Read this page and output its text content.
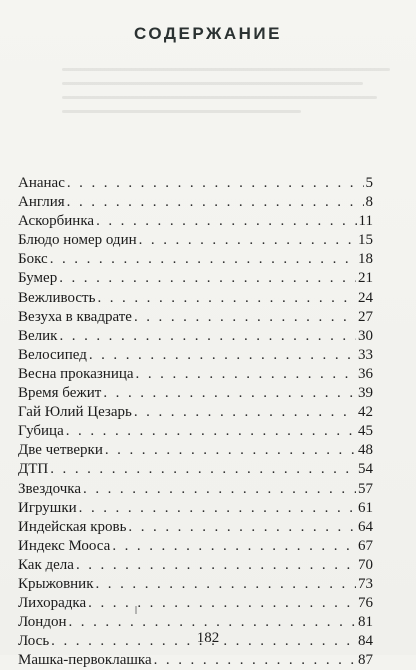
СОДЕРЖАНИЕ
Ананас . . .	5
Англия . . .	8
Аскорбинка . . .	11
Блюдо номер один . . .	15
Бокс . . .	18
Бумер . . .	21
Вежливость . . .	24
Везуха в квадрате . . .	27
Велик . . .	30
Велосипед . . .	33
Весна проказница . . .	36
Время бежит . . .	39
Гай Юлий Цезарь . . .	42
Губица . . .	45
Две четверки . . .	48
ДТП . . .	54
Звездочка . . .	57
Игрушки . . .	61
Индейская кровь . . .	64
Индекс Мооса . . .	67
Как дела . . .	70
Крыжовник . . .	73
Лихорадка . . .	76
Лондон . . .	81
Лось . . .	84
Машка-первоклашка . . .	87
182
